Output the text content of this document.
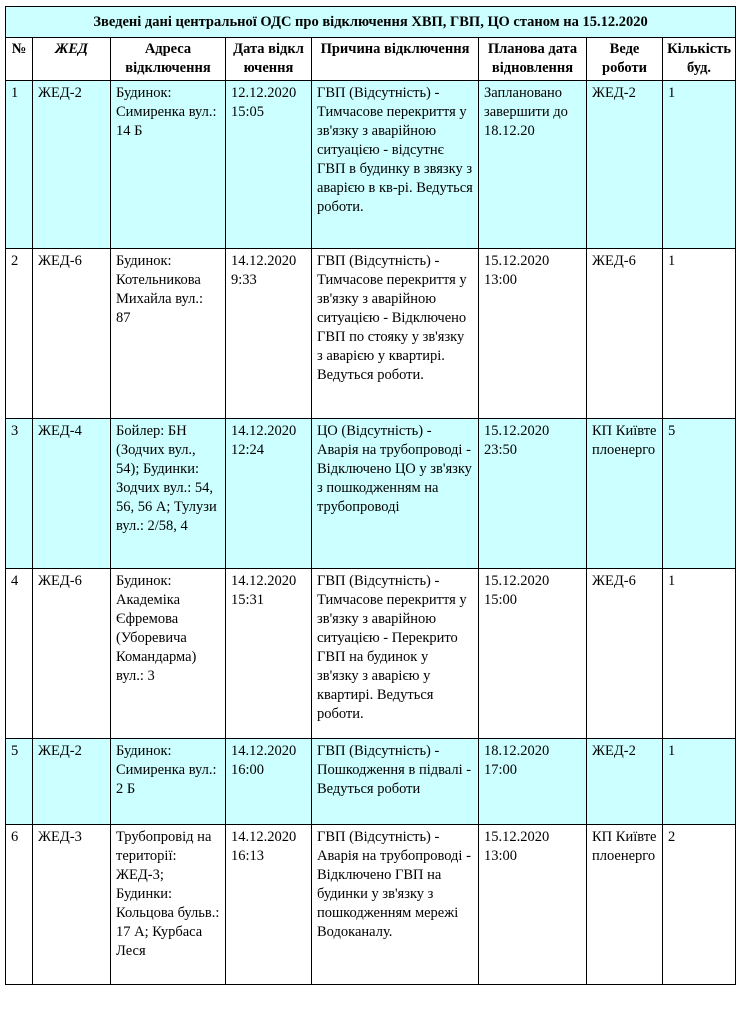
Зведені дані центральної ОДС про відключення ХВП, ГВП, ЦО станом на 15.12.2020							
№	ЖЕД	Адреса відключення	Дата відключення	Причина відключення	Планова дата відновлення	Веде роботи	Кількість буд.
1	ЖЕД-2	Будинок: Симиренка вул.: 14 Б	12.12.2020 15:05	ГВП (Відсутність) - Тимчасове перекриття у зв'язку з аварійною ситуацією - відсутнє ГВП в будинку в звязку з аварією в кв-рі. Ведуться роботи.	Заплановано завершити до 18.12.20	ЖЕД-2	1
2	ЖЕД-6	Будинок: Котельникова Михайла вул.: 87	14.12.2020 9:33	ГВП (Відсутність) - Тимчасове перекриття у зв'язку з аварійною ситуацією - Відключено ГВП по стояку у зв'язку з аварією у квартирі. Ведуться роботи.	15.12.2020 13:00	ЖЕД-6	1
3	ЖЕД-4	Бойлер: БН (Зодчих вул., 54); Будинки: Зодчих вул.: 54, 56, 56 А; Тулузи вул.: 2/58, 4	14.12.2020 12:24	ЦО (Відсутність) - Аварія на трубопроводі - Відключено ЦО у зв'язку з пошкодженням на трубопроводі	15.12.2020 23:50	КП Київтеплоенерго	5
4	ЖЕД-6	Будинок: Академіка Єфремова (Уборевича Командарма) вул.: 3	14.12.2020 15:31	ГВП (Відсутність) - Тимчасове перекриття у зв'язку з аварійною ситуацією - Перекрито ГВП на будинок у зв'язку з аварією у квартирі. Ведуться роботи.	15.12.2020 15:00	ЖЕД-6	1
5	ЖЕД-2	Будинок: Симиренка вул.: 2 Б	14.12.2020 16:00	ГВП (Відсутність) - Пошкодження в підвалі - Ведуться роботи	18.12.2020 17:00	ЖЕД-2	1
6	ЖЕД-3	Трубопровід на території: ЖЕД-3; Будинки: Кольцова бульв.: 17 А; Курбаса Леся	14.12.2020 16:13	ГВП (Відсутність) - Аварія на трубопроводі - Відключено ГВП на будинки у зв'язку з пошкодженням мережі Водоканалу.	15.12.2020 13:00	КП Київтеплоенерго	2
